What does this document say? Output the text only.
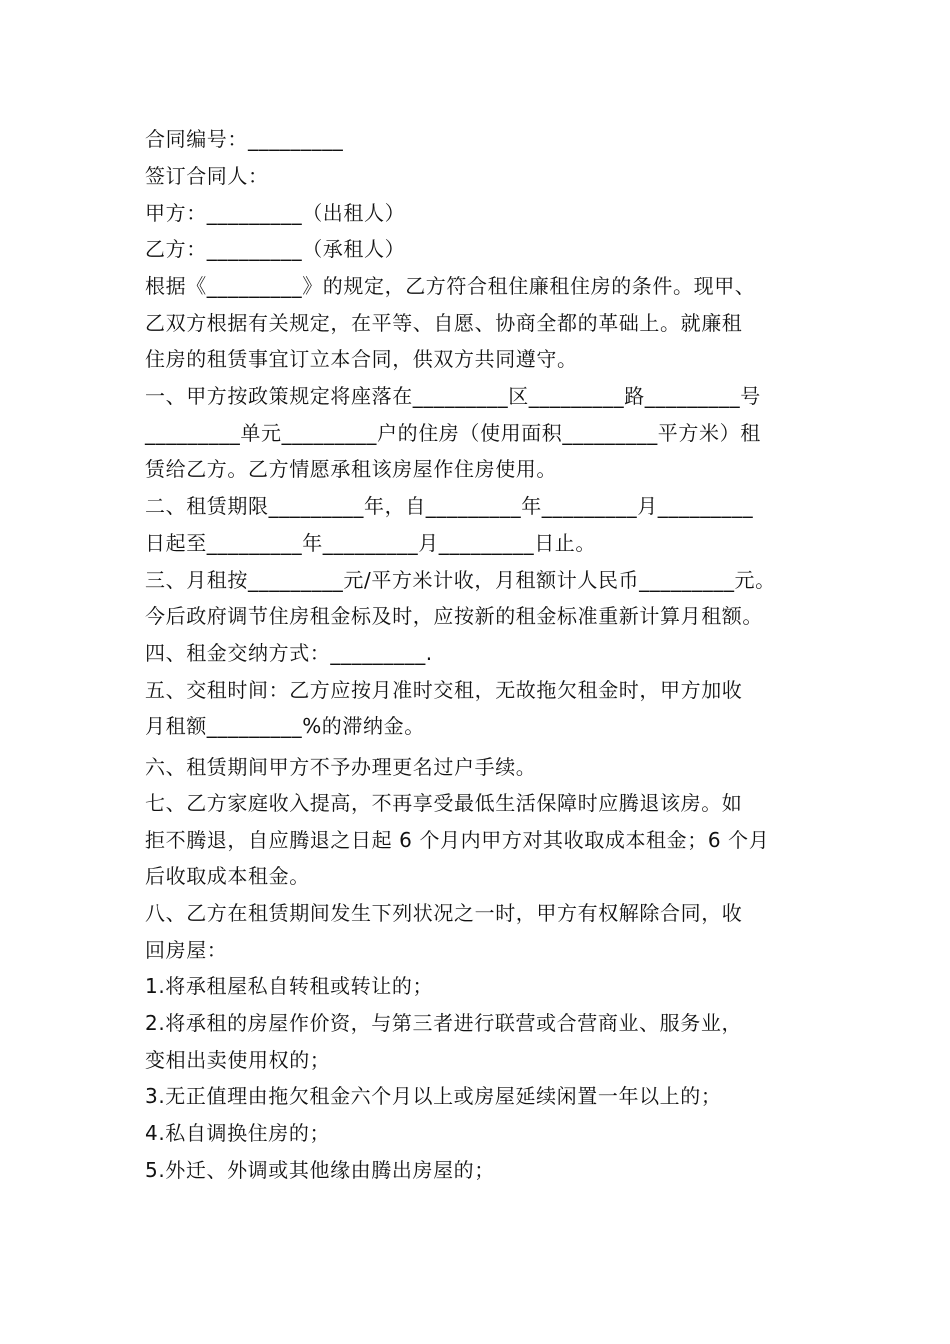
合同编号：_________
签订合同人：
甲方：_________（出租人）
乙方：_________（承租人）
根据《_________》的规定，乙方符合租住廉租住房的条件。现甲、
乙双方根据有关规定，在平等、自愿、协商全都的革础上。就廉租
住房的租赁事宜订立本合同，供双方共同遵守。
一、甲方按政策规定将座落在_________区_________路_________号
_________单元_________户的住房（使用面积_________平方米）租
赁给乙方。乙方情愿承租该房屋作住房使用。
二、租赁期限_________年，自_________年_________月_________
日起至_________年_________月_________日止。
三、月租按_________元/平方米计收，月租额计人民币_________元。
今后政府调节住房租金标及时，应按新的租金标准重新计算月租额。
四、租金交纳方式：_________.
五、交租时间：乙方应按月准时交租，无故拖欠租金时，甲方加收
月租额_________%的滞纳金。
六、租赁期间甲方不予办理更名过户手续。
七、乙方家庭收入提高，不再享受最低生活保障时应腾退该房。如
拒不腾退，自应腾退之日起 6 个月内甲方对其收取成本租金；6 个月
后收取成本租金。
八、乙方在租赁期间发生下列状况之一时，甲方有权解除合同，收
回房屋：
1.将承租屋私自转租或转让的；
2.将承租的房屋作价资，与第三者进行联营或合营商业、服务业，
变相出卖使用权的；
3.无正值理由拖欠租金六个月以上或房屋延续闲置一年以上的；
4.私自调换住房的；
5.外迁、外调或其他缘由腾出房屋的；
